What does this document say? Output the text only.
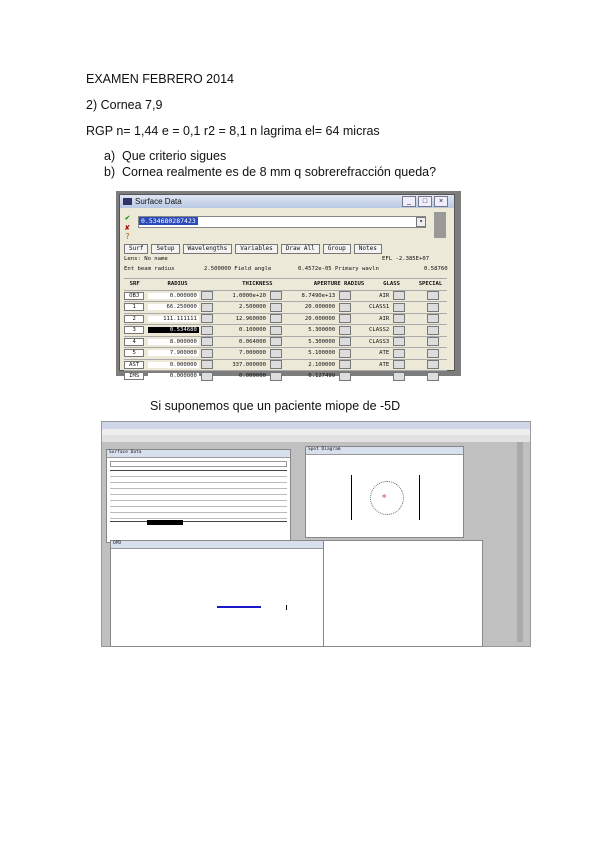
EXAMEN FEBRERO 2014
2) Cornea 7,9
RGP n= 1,44 e = 0,1 r2 = 8,1 n lagrima el= 64 micras
a) Que criterio sigues
b) Cornea realmente es de 8 mm q sobrerefracción queda?
Surface Data	_	□	×
✔
✘
?
0.534680287423	▾
Surf	Setup	Wavelengths	Variables	Draw All	Group	Notes
Lens: No name	EFL -2.385E+07
Ent beam radius	2.500000 Field angle	0.4572e-05 Primary wavln	0.58760
SRF	RADIUS	THICKNESS	APERTURE RADIUS	GLASS	SPECIAL
OBJ	0.000000	1.0000e+20	8.7490e+13	AIR
1	66.250000	2.500000	20.000000	CLASS1
2	111.111111	12.960000	20.000000	AIR
3	0.534680	0.100000	5.300000	CLASS2
4	8.000000	0.064000	5.300000	CLASS3
5	7.900000	7.000000	5.100000	ATE
AST	0.000000	337.000000	2.100000	ATE
IMS	0.000000	0.000000	0.127499
Si suponemos que un paciente miope de -5D
Surface Data
Spot Diagram
✲
OPD
